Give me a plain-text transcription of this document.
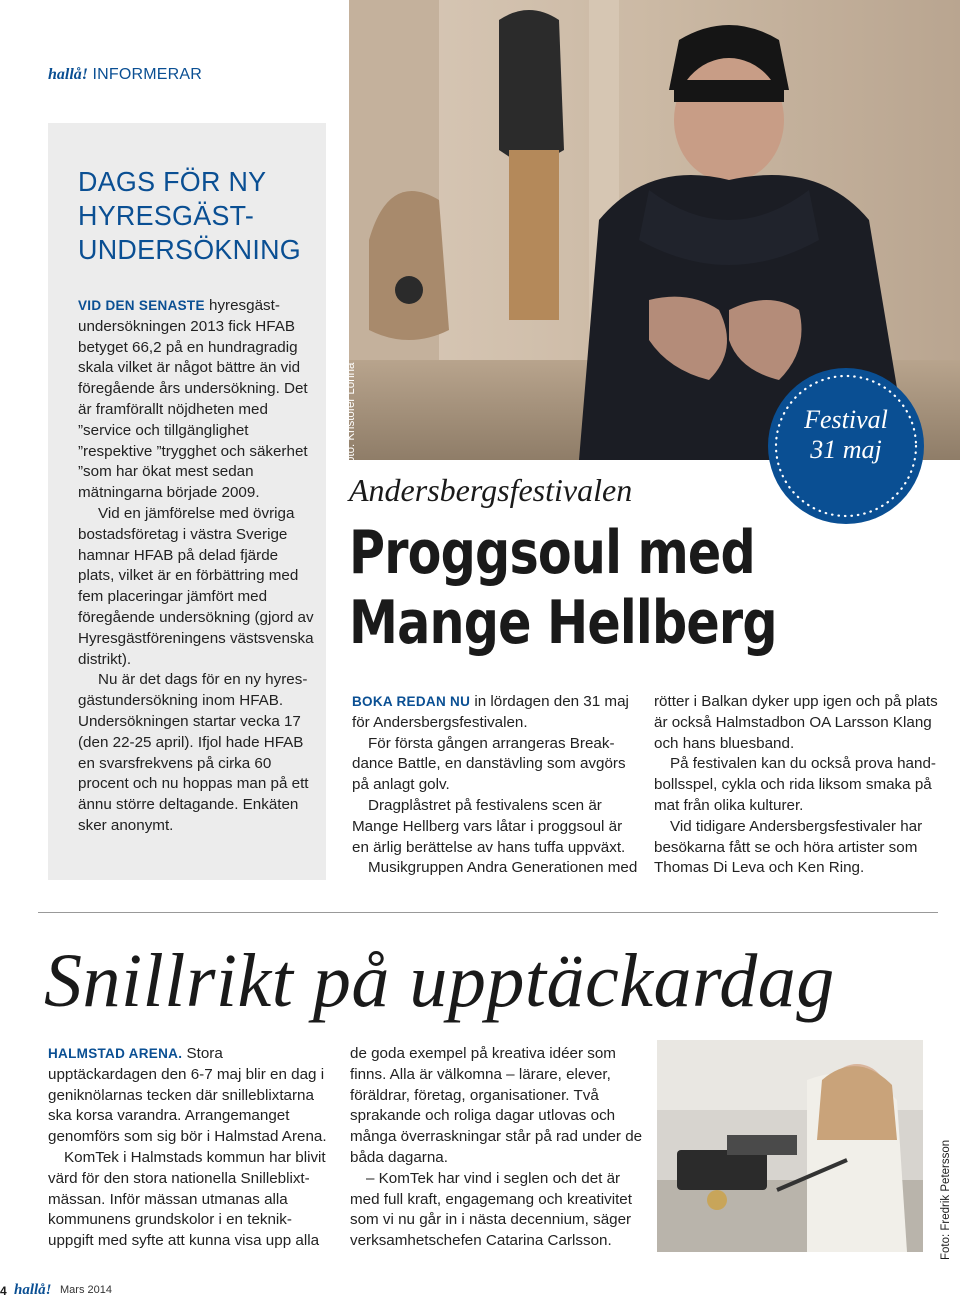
hallå! INFORMERAR
DAGS FÖR NY
HYRESGÄST-
UNDERSÖKNING

VID DEN SENASTE hyresgästundersökningen 2013 fick HFAB betyget 66,2 på en hundragradig skala vilket är något bättre än vid föregående års undersökning. Det är framförallt nöjdheten med ”service och tillgänglighet ”respektive ”trygghet och säkerhet ”som har ökat mest sedan mätningarna började 2009.

Vid en jämförelse med övriga bostadsföretag i västra Sverige hamnar HFAB på delad fjärde plats, vilket är en förbättring med fem placeringar jämfört med föregående undersökning (gjord av Hyresgästföreningens västsvenska distrikt).

Nu är det dags för en ny hyresgästundersökning inom HFAB. Undersökningen startar vecka 17 (den 22-25 april). Ifjol hade HFAB en svarsfrekvens på cirka 60 procent och nu hoppas man på ett ännu större deltagande. Enkäten sker anonymt.

Foto: Kristofer Lönnå	Festival
31 maj
Andersbergsfestivalen
Proggsoul med
Mange Hellberg

BOKA REDAN NU in lördagen den 31 maj för Andersbergsfestivalen.

För första gången arrangeras Breakdance Battle, en danstävling som avgörs på anlagt golv.

Dragplåstret på festivalens scen är Mange Hellberg vars låtar i proggsoul är en ärlig berättelse av hans tuffa uppväxt.

Musikgruppen Andra Generationen med

rötter i Balkan dyker upp igen och på plats är också Halmstadbon OA Larsson Klang och hans bluesband.

På festivalen kan du också prova handbollsspel, cykla och rida liksom smaka på mat från olika kulturer.

Vid tidigare Andersbergsfestivaler har besökarna fått se och höra artister som Thomas Di Leva och Ken Ring.

Snillrikt på upptäckardag

HALMSTAD ARENA. Stora upptäckardagen den 6-7 maj blir en dag i geniknölarnas tecken där snilleblixtarna ska korsa varandra. Arrangemanget genomförs som sig bör i Halmstad Arena.

KomTek i Halmstads kommun har blivit värd för den stora nationella Snilleblixtmässan. Inför mässan utmanas alla kommunens grundskolor i en teknikuppgift med syfte att kunna visa upp alla

de goda exempel på kreativa idéer som finns. Alla är välkomna – lärare, elever, föräldrar, företag, organisationer. Två sprakande och roliga dagar utlovas och många överraskningar står på rad under de båda dagarna.

– KomTek har vind i seglen och det är med full kraft, engagemang och kreativitet som vi nu går in i nästa decennium, säger verksamhetschefen Catarina Carlsson.	Foto: Fredrik Petersson
4 hallå! Mars 2014
